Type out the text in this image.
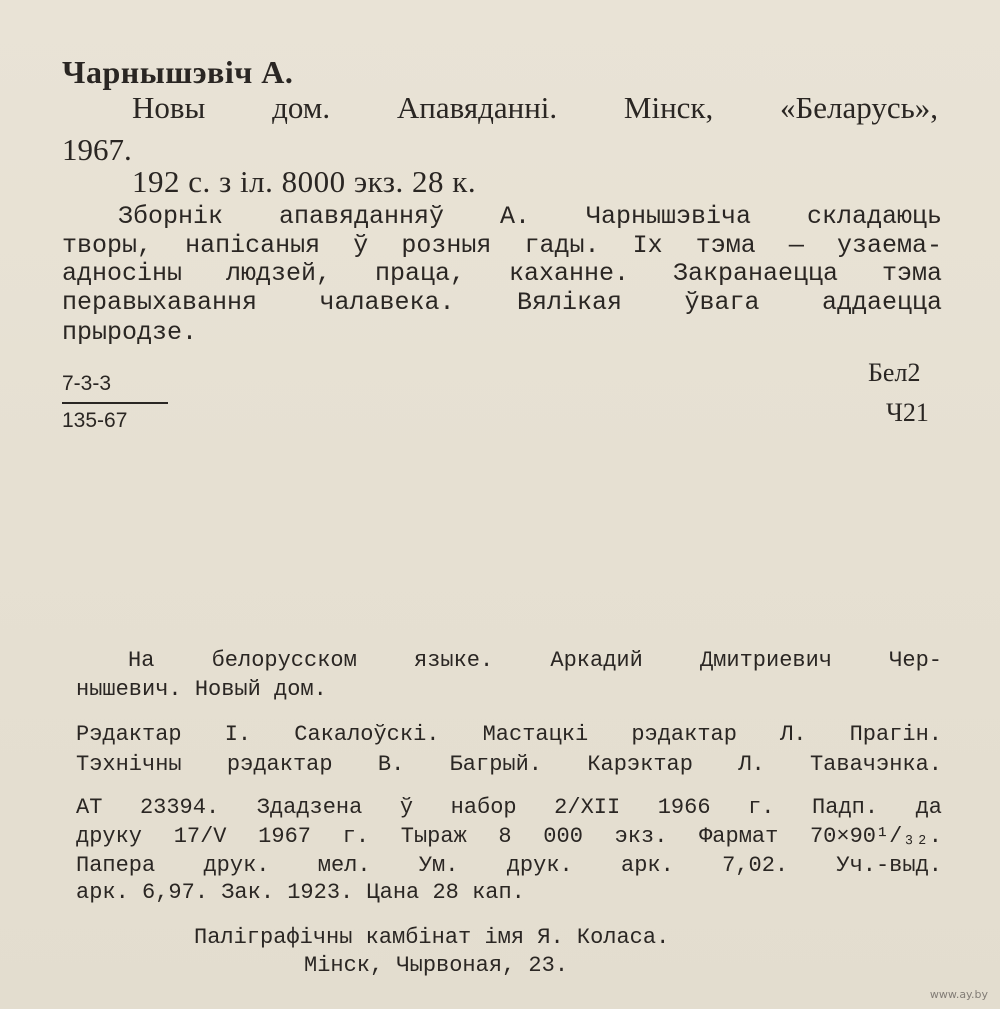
Чарнышэвіч А.
Новы дом. Апавяданні. Мінск, «Беларусь»,
1967.
192 с. з іл. 8000 экз. 28 к.
Зборнік апавяданняў А. Чарнышэвіча складаюць
творы, напісаныя ў розныя гады. Іх тэма — узаема-
адносіны людзей, праца, каханне. Закранаецца тэма
перавыхавання чалавека. Вялікая ўвага аддаецца
прыродзе.
7-3-3
135-67
Бел2
Ч21
На белорусском языке. Аркадий Дмитриевич Чер-
нышевич. Новый дом.
Рэдактар І. Сакалоўскі. Мастацкі рэдактар Л. Прагін.
Тэхнічны рэдактар В. Багрый. Карэктар Л. Тавачэнка.
АТ 23394. Здадзена ў набор 2/XII 1966 г. Падп. да
друку 17/V 1967 г. Тыраж 8 000 экз. Фармат 70×90¹/₃₂.
Папера друк. мел. Ум. друк. арк. 7,02. Уч.-выд.
арк. 6,97. Зак. 1923. Цана 28 кап.
Паліграфічны камбінат імя Я. Коласа.
Мінск, Чырвоная, 23.
www.ay.by
